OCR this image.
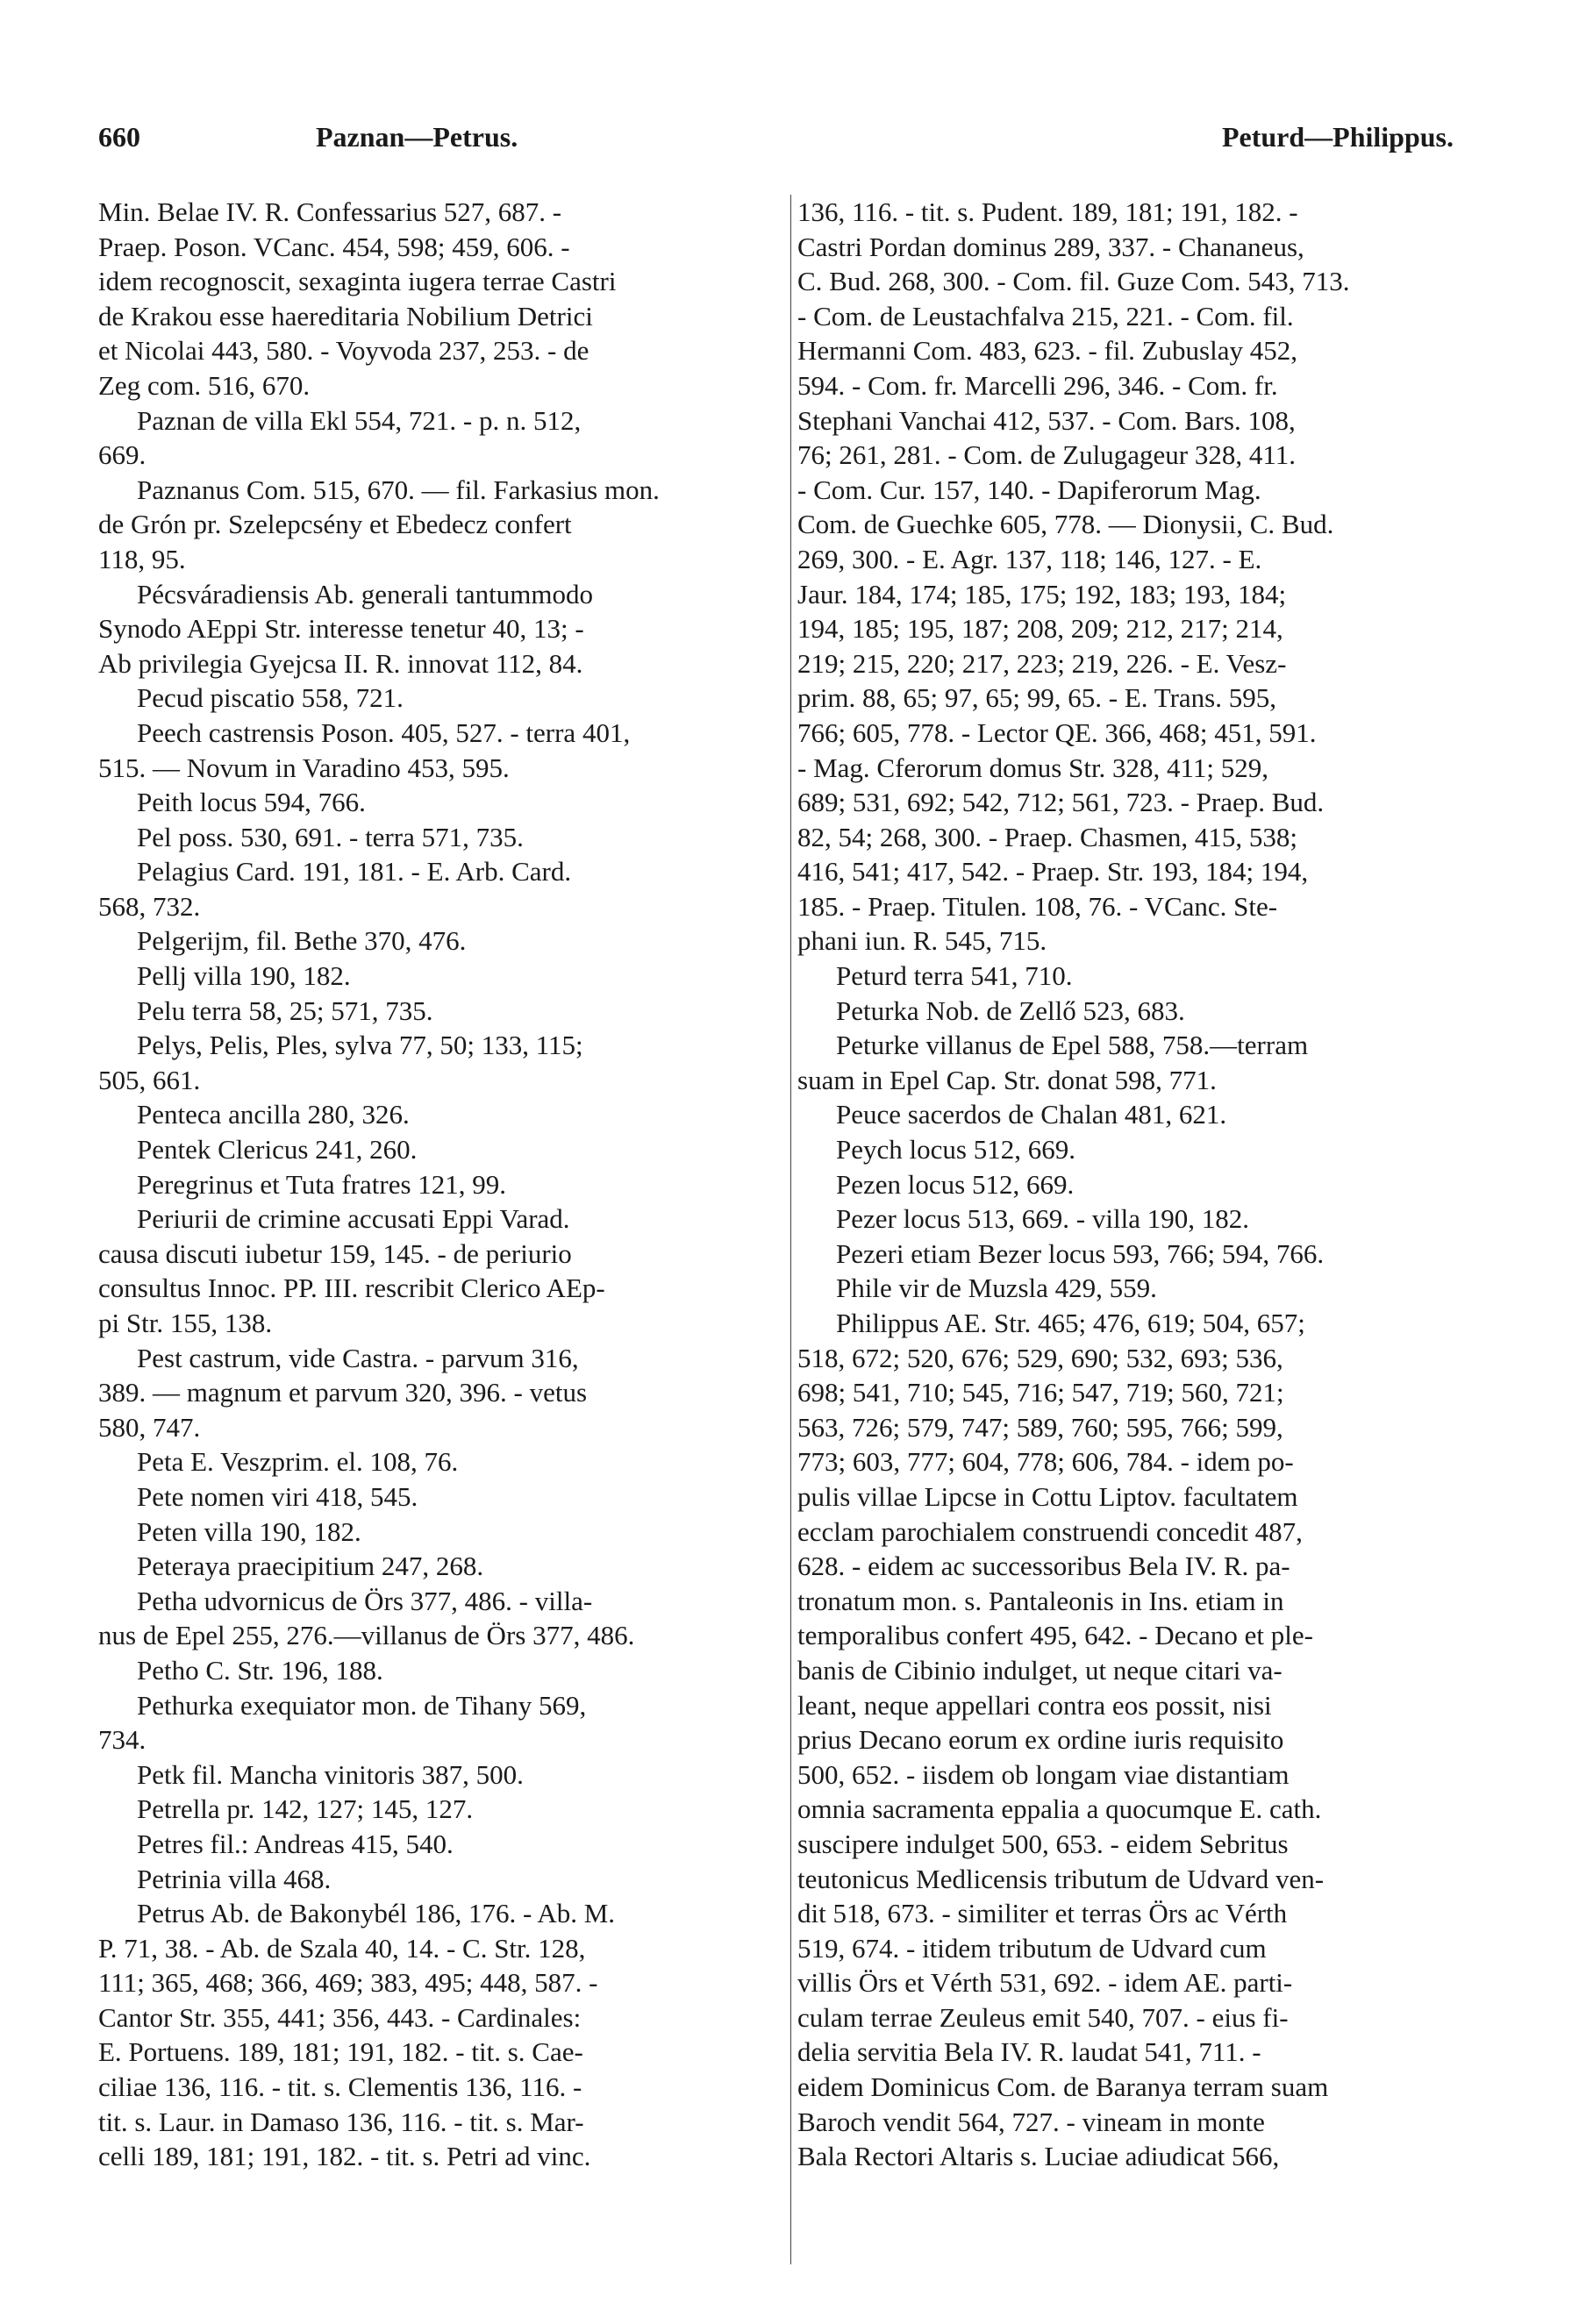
660	Paznan—Petrus.	Peturd—Philippus.
Min. Belae IV. R. Confessarius 527, 687. -
Praep. Poson. VCanc. 454, 598; 459, 606. -
idem recognoscit, sexaginta iugera terrae Castri
de Krakou esse haereditaria Nobilium Detrici
et Nicolai 443, 580. - Voyvoda 237, 253. - de
Zeg com. 516, 670.
Paznan de villa Ekl 554, 721. - p. n. 512,
669.
Paznanus Com. 515, 670. — fil. Farkasius mon.
de Grón pr. Szelepcsény et Ebedecz confert
118, 95.
Pécsváradiensis Ab. generali tantummodo
Synodo AEppi Str. interesse tenetur 40, 13; -
Ab privilegia Gyejcsa II. R. innovat 112, 84.
Pecud piscatio 558, 721.
Peech castrensis Poson. 405, 527. - terra 401,
515. — Novum in Varadino 453, 595.
Peith locus 594, 766.
Pel poss. 530, 691. - terra 571, 735.
Pelagius Card. 191, 181. - E. Arb. Card.
568, 732.
Pelgerijm, fil. Bethe 370, 476.
Pellj villa 190, 182.
Pelu terra 58, 25; 571, 735.
Pelys, Pelis, Ples, sylva 77, 50; 133, 115;
505, 661.
Penteca ancilla 280, 326.
Pentek Clericus 241, 260.
Peregrinus et Tuta fratres 121, 99.
Periurii de crimine accusati Eppi Varad.
causa discuti iubetur 159, 145. - de periurio
consultus Innoc. PP. III. rescribit Clerico AEp-
pi Str. 155, 138.
Pest castrum, vide Castra. - parvum 316,
389. — magnum et parvum 320, 396. - vetus
580, 747.
Peta E. Veszprim. el. 108, 76.
Pete nomen viri 418, 545.
Peten villa 190, 182.
Peteraya praecipitium 247, 268.
Petha udvornicus de Örs 377, 486. - villa-
nus de Epel 255, 276.—villanus de Örs 377, 486.
Petho C. Str. 196, 188.
Pethurka exequiator mon. de Tihany 569,
734.
Petk fil. Mancha vinitoris 387, 500.
Petrella pr. 142, 127; 145, 127.
Petres fil.: Andreas 415, 540.
Petrinia villa 468.
Petrus Ab. de Bakonybél 186, 176. - Ab. M.
P. 71, 38. - Ab. de Szala 40, 14. - C. Str. 128,
111; 365, 468; 366, 469; 383, 495; 448, 587. -
Cantor Str. 355, 441; 356, 443. - Cardinales:
E. Portuens. 189, 181; 191, 182. - tit. s. Cae-
ciliae 136, 116. - tit. s. Clementis 136, 116. -
tit. s. Laur. in Damaso 136, 116. - tit. s. Mar-
celli 189, 181; 191, 182. - tit. s. Petri ad vinc.
136, 116. - tit. s. Pudent. 189, 181; 191, 182. -
Castri Pordan dominus 289, 337. - Chananeus,
C. Bud. 268, 300. - Com. fil. Guze Com. 543, 713.
- Com. de Leustachfalva 215, 221. - Com. fil.
Hermanni Com. 483, 623. - fil. Zubuslay 452,
594. - Com. fr. Marcelli 296, 346. - Com. fr.
Stephani Vanchai 412, 537. - Com. Bars. 108,
76; 261, 281. - Com. de Zulugageur 328, 411.
- Com. Cur. 157, 140. - Dapiferorum Mag.
Com. de Guechke 605, 778. — Dionysii, C. Bud.
269, 300. - E. Agr. 137, 118; 146, 127. - E.
Jaur. 184, 174; 185, 175; 192, 183; 193, 184;
194, 185; 195, 187; 208, 209; 212, 217; 214,
219; 215, 220; 217, 223; 219, 226. - E. Vesz-
prim. 88, 65; 97, 65; 99, 65. - E. Trans. 595,
766; 605, 778. - Lector QE. 366, 468; 451, 591.
- Mag. Cferorum domus Str. 328, 411; 529,
689; 531, 692; 542, 712; 561, 723. - Praep. Bud.
82, 54; 268, 300. - Praep. Chasmen, 415, 538;
416, 541; 417, 542. - Praep. Str. 193, 184; 194,
185. - Praep. Titulen. 108, 76. - VCanc. Ste-
phani iun. R. 545, 715.
Peturd terra 541, 710.
Peturka Nob. de Zellő 523, 683.
Peturke villanus de Epel 588, 758.—terram
suam in Epel Cap. Str. donat 598, 771.
Peuce sacerdos de Chalan 481, 621.
Peych locus 512, 669.
Pezen locus 512, 669.
Pezer locus 513, 669. - villa 190, 182.
Pezeri etiam Bezer locus 593, 766; 594, 766.
Phile vir de Muzsla 429, 559.
Philippus AE. Str. 465; 476, 619; 504, 657;
518, 672; 520, 676; 529, 690; 532, 693; 536,
698; 541, 710; 545, 716; 547, 719; 560, 721;
563, 726; 579, 747; 589, 760; 595, 766; 599,
773; 603, 777; 604, 778; 606, 784. - idem po-
pulis villae Lipcse in Cottu Liptov. facultatem
ecclam parochialem construendi concedit 487,
628. - eidem ac successoribus Bela IV. R. pa-
tronatum mon. s. Pantaleonis in Ins. etiam in
temporalibus confert 495, 642. - Decano et ple-
banis de Cibinio indulget, ut neque citari va-
leant, neque appellari contra eos possit, nisi
prius Decano eorum ex ordine iuris requisito
500, 652. - iisdem ob longam viae distantiam
omnia sacramenta eppalia a quocumque E. cath.
suscipere indulget 500, 653. - eidem Sebritus
teutonicus Medlicensis tributum de Udvard ven-
dit 518, 673. - similiter et terras Örs ac Vérth
519, 674. - itidem tributum de Udvard cum
villis Örs et Vérth 531, 692. - idem AE. parti-
culam terrae Zeuleus emit 540, 707. - eius fi-
delia servitia Bela IV. R. laudat 541, 711. -
eidem Dominicus Com. de Baranya terram suam
Baroch vendit 564, 727. - vineam in monte
Bala Rectori Altaris s. Luciae adiudicat 566,
